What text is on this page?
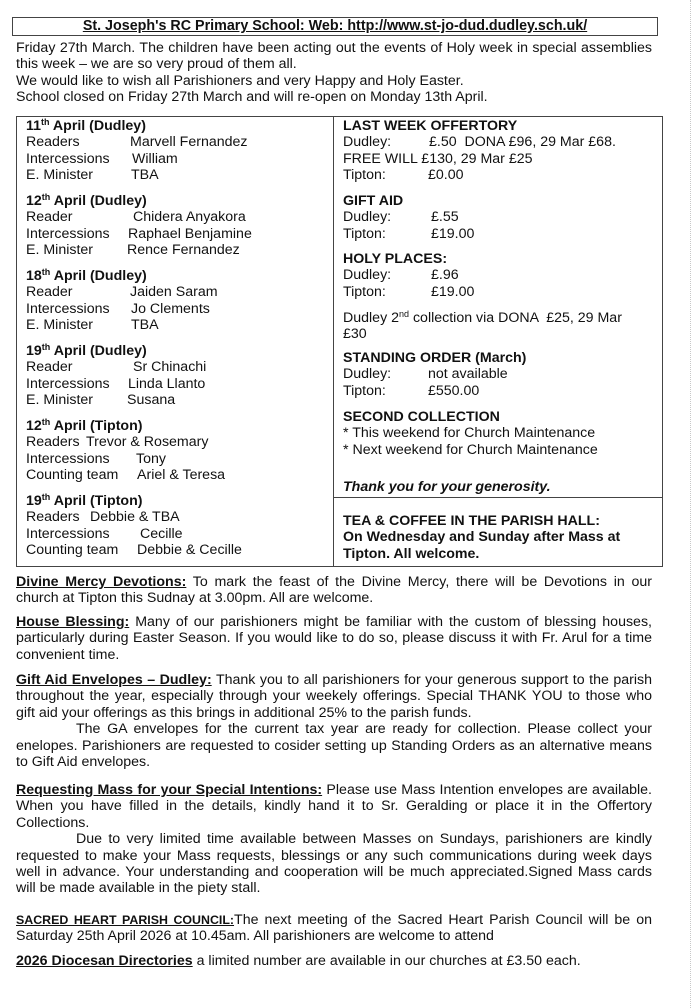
St. Joseph's RC Primary School: Web: http://www.st-jo-dud.dudley.sch.uk/

Friday 27th March. The children have been acting out the events of Holy week in special assemblies this week – we are so very proud of them all.

We would like to wish all Parishioners and very Happy and Holy Easter.

School closed on Friday 27th March and will re-open on Monday 13th April.

11th April (Dudley)
Readers	Marvell Fernandez
Intercessions	William
E. Minister	TBA
12th April (Dudley)
Reader	Chidera Anyakora
Intercessions	Raphael Benjamine
E. Minister	Rence Fernandez
18th April (Dudley)
Reader	Jaiden Saram
Intercessions	Jo Clements
E. Minister	TBA
19th April (Dudley)
Reader	Sr Chinachi
Intercessions	Linda Llanto
E. Minister	Susana
12th April (Tipton)
Readers Trevor & Rosemary
Intercessions	Tony
Counting team	Ariel & Teresa
19th April (Tipton)
Readers Debbie & TBA
Intercessions	Cecille
Counting team	Debbie & Cecille
LAST WEEK OFFERTORY
Dudley:	£.50  DONA £96, 29 Mar £68.
FREE WILL £130, 29 Mar £25
Tipton:	£0.00
GIFT AID
Dudley:	£.55
Tipton:	£19.00
HOLY PLACES:
Dudley:	£.96
Tipton:	£19.00
Dudley 2nd collection via DONA  £25, 29 Mar £30
STANDING ORDER (March)
Dudley:	not available
Tipton:	£550.00
SECOND COLLECTION
* This weekend for Church Maintenance
* Next weekend for Church Maintenance
Thank you for your generosity.
TEA & COFFEE IN THE PARISH HALL:
On Wednesday and Sunday after Mass at Tipton. All welcome.

Divine Mercy Devotions: To mark the feast of the Divine Mercy, there will be Devotions in our church at Tipton this Sudnay at 3.00pm. All are welcome.

House Blessing: Many of our parishioners might be familiar with the custom of blessing houses, particularly during Easter Season. If you would like to do so, please discuss it with Fr. Arul for a time convenient time.

Gift Aid Envelopes – Dudley: Thank you to all parishioners for your generous support to the parish throughout the year, especially through your weekely offerings. Special THANK YOU to those who gift aid your offerings as this brings in additional 25% to the parish funds.

The GA envelopes for the current tax year are ready for collection. Please collect your enelopes. Parishioners are requested to cosider setting up Standing Orders as an alternative means to Gift Aid envelopes.

Requesting Mass for your Special Intentions: Please use Mass Intention envelopes are available. When you have filled in the details, kindly hand it to Sr. Geralding or place it in the Offertory Collections.

Due to very limited time available between Masses on Sundays, parishioners are kindly requested to make your Mass requests, blessings or any such communications during week days well in advance. Your understanding and cooperation will be much appreciated.Signed Mass cards will be made available in the piety stall.

SACRED HEART PARISH COUNCIL:The next meeting of the Sacred Heart Parish Council will be on Saturday 25th April 2026 at 10.45am. All parishioners are welcome to attend

2026 Diocesan Directories a limited number are available in our churches at £3.50 each.
